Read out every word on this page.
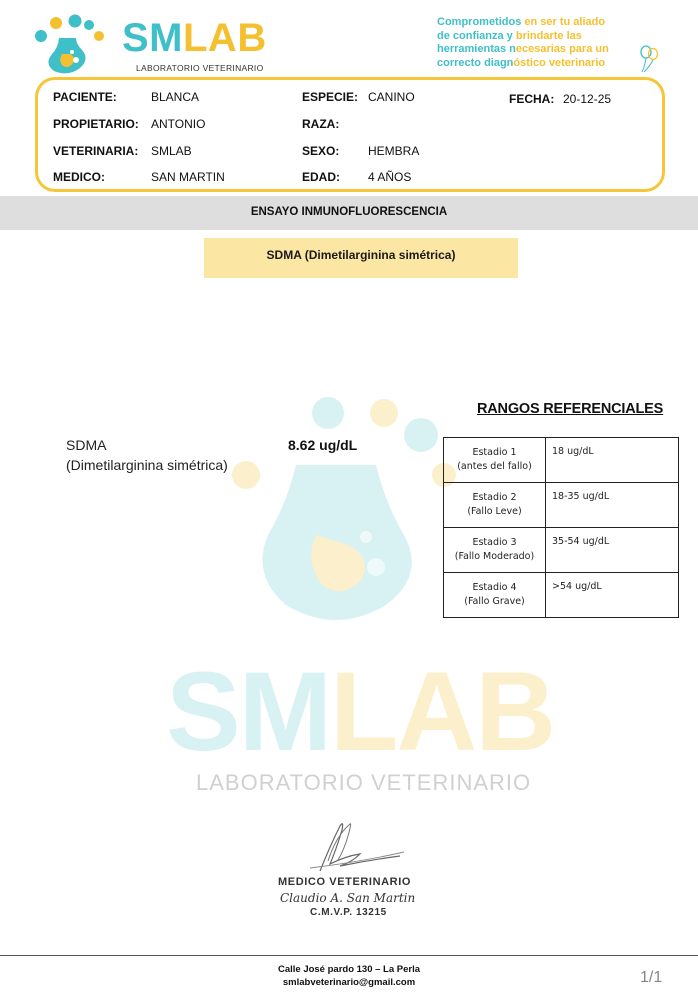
SMLAB
LABORATORIO VETERINARIO
Comprometidos en ser tu aliado
de confianza y brindarte las
herramientas necesarias para un
correcto diagnóstico veterinario
PACIENTE:	BLANCA	ESPECIE: CANINO	FECHA: 20-12-25
PROPIETARIO: ANTONIO	RAZA:
VETERINARIA: SMLAB	SEXO: HEMBRA
MEDICO:	SAN MARTIN	EDAD: 4 AÑOS
ENSAYO INMUNOFLUORESCENCIA
SDMA (Dimetilarginina simétrica)
SMLAB
LABORATORIO VETERINARIO
SDMA
(Dimetilarginina simétrica)
8.62 ug/dL
RANGOS REFERENCIALES
Estadio 1
(antes del fallo)	18 ug/dL
Estadio 2
(Fallo Leve)	18-35 ug/dL
Estadio 3
(Fallo Moderado)	35-54 ug/dL
Estadio 4
(Fallo Grave)	>54 ug/dL
MEDICO VETERINARIO
Claudio A. San Martin
C.M.V.P. 13215
Calle José pardo 130 – La Perla
smlabveterinario@gmail.com	1/1
